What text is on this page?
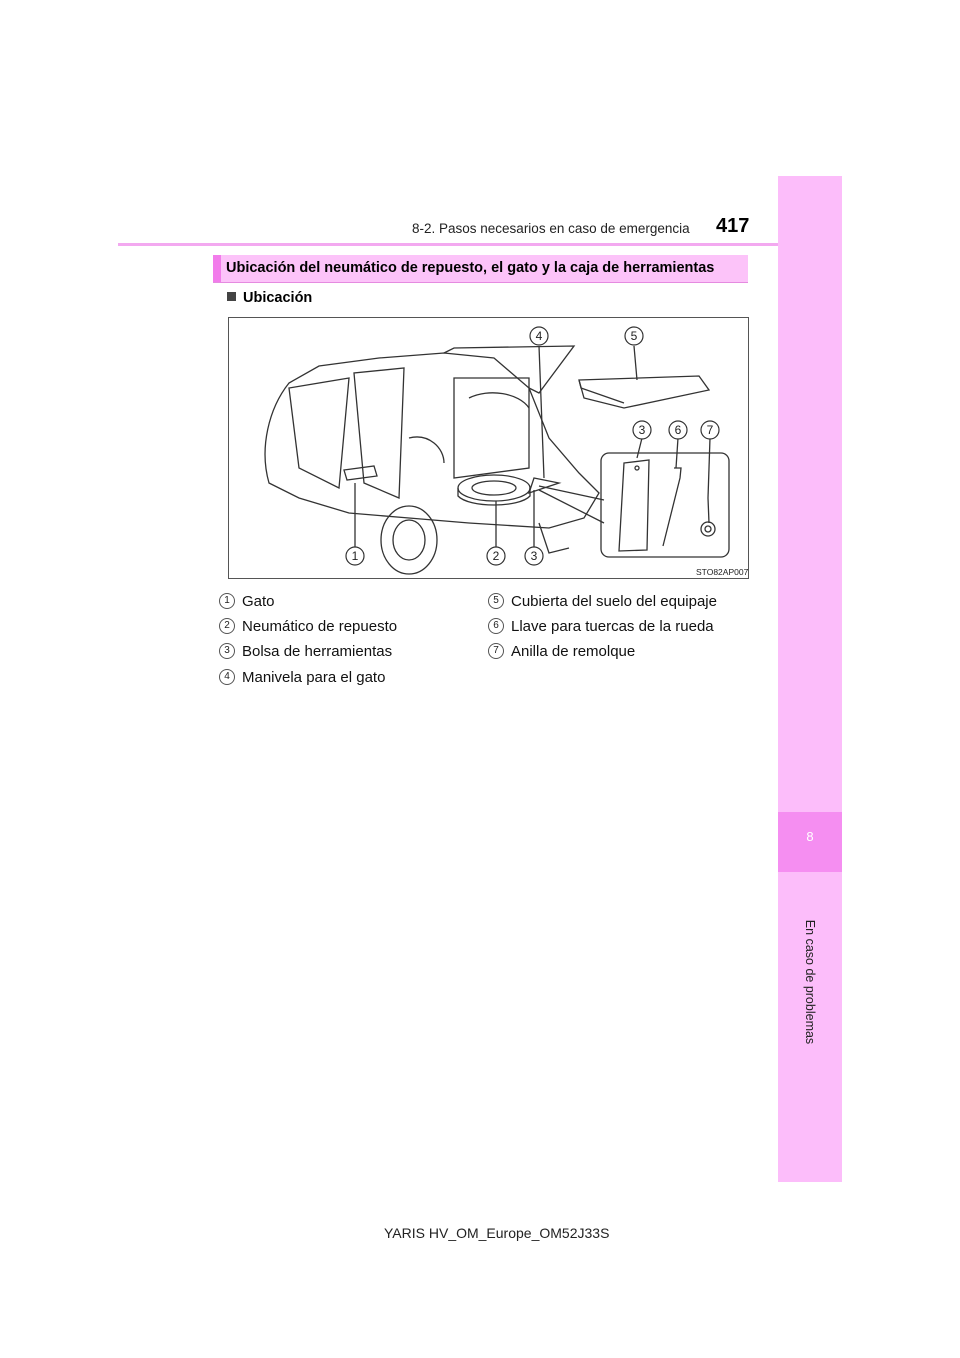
8-2. Pasos necesarios en caso de emergencia 417
8
En caso de problemas
Ubicación del neumático de repuesto, el gato y la caja de herramientas
Ubicación
1	2	3
4	5
3 6 7
STO82AP007
1 Gato
2 Neumático de repuesto
3 Bolsa de herramientas
4 Manivela para el gato
5 Cubierta del suelo del equipaje
6 Llave para tuercas de la rueda
7 Anilla de remolque
YARIS HV_OM_Europe_OM52J33S
